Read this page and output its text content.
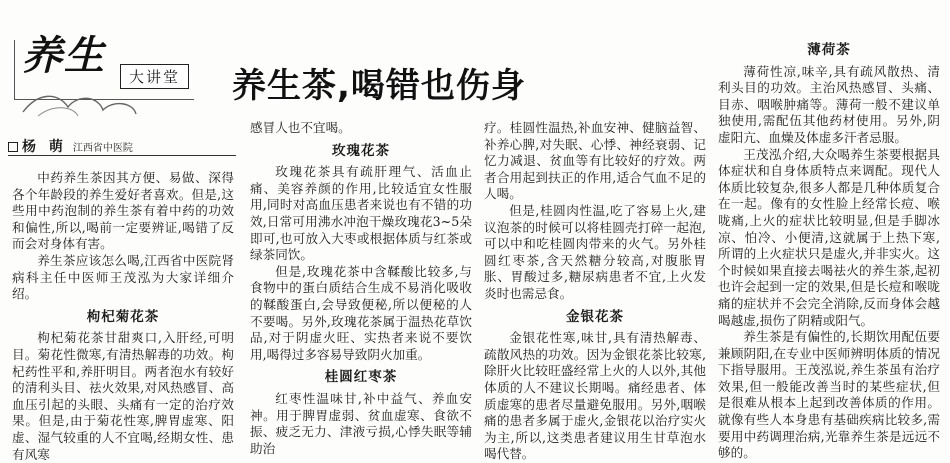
养生	大讲堂 养生茶,喝错也伤身
杨 萌 江西省中医院

中药养生茶因其方便、易做、深得各个年龄段的养生爱好者喜欢。但是,这些用中药泡制的养生茶有着中药的功效和偏性,所以,喝前一定要辨证,喝错了反而会对身体有害。

养生茶应该怎么喝,江西省中医院肾病科主任中医师王茂泓为大家详细介绍。

枸杞菊花茶

枸杞菊花茶甘甜爽口,入肝经,可明目。菊花性微寒,有清热解毒的功效。枸杞药性平和,养肝明目。两者泡水有较好的清利头目、祛火效果,对风热感冒、高血压引起的头眼、头痛有一定的治疗效果。但是,由于菊花性寒,脾胃虚寒、阳虚、湿气较重的人不宜喝,经期女性、患有风寒

感冒人也不宜喝。

玫瑰花茶

玫瑰花茶具有疏肝理气、活血止痛、美容养颜的作用,比较适宜女性服用,同时对高血压患者来说也有不错的功效,日常可用沸水冲泡干燥玫瑰花3~5朵即可,也可放入大枣或根据体质与红茶或绿茶同饮。

但是,玫瑰花茶中含鞣酸比较多,与食物中的蛋白质结合生成不易消化吸收的鞣酸蛋白,会导致便秘,所以便秘的人不要喝。另外,玫瑰花茶属于温热花草饮品,对于阴虚火旺、实热者来说不要饮用,喝得过多容易导致阴火加重。

桂圆红枣茶

红枣性温味甘,补中益气、养血安神。用于脾胃虚弱、贫血虚寒、食欲不振、疲乏无力、津液亏损,心悸失眠等辅助治

疗。桂圆性温热,补血安神、健脑益智、补养心脾,对失眠、心悸、神经衰弱、记忆力减退、贫血等有比较好的疗效。两者合用起到扶正的作用,适合气血不足的人喝。

但是,桂圆肉性温,吃了容易上火,建议泡茶的时候可以将桂圆壳打碎一起泡,可以中和吃桂圆肉带来的火气。另外桂圆红枣茶,含天然糖分较高,对腹胀胃胀、胃酸过多,糖尿病患者不宜,上火发炎时也需忌食。

金银花茶

金银花性寒,味甘,具有清热解毒、疏散风热的功效。因为金银花茶比较寒,除肝火比较旺盛经常上火的人以外,其他体质的人不建议长期喝。痛经患者、体质虚寒的患者尽量避免服用。另外,咽喉痛的患者多属于虚火,金银花以治疗实火为主,所以,这类患者建议用生甘草泡水喝代替。

薄荷茶

薄荷性凉,味辛,具有疏风散热、清利头目的功效。主治风热感冒、头痛、目赤、咽喉肿痛等。薄荷一般不建议单独使用,需配伍其他药材使用。另外,阴虚阳亢、血燥及体虚多汗者忌服。

王茂泓介绍,大众喝养生茶要根据具体症状和自身体质特点来调配。现代人体质比较复杂,很多人都是几种体质复合在一起。像有的女性脸上经常长痘、喉咙痛,上火的症状比较明显,但是手脚冰凉、怕冷、小便清,这就属于上热下寒,所谓的上火症状只是虚火,并非实火。这个时候如果直接去喝祛火的养生茶,起初也许会起到一定的效果,但是长痘和喉咙痛的症状并不会完全消除,反而身体会越喝越虚,损伤了阴精或阳气。

养生茶是有偏性的,长期饮用配伍要兼顾阴阳,在专业中医师辨明体质的情况下指导服用。王茂泓说,养生茶虽有治疗效果,但一般能改善当时的某些症状,但是很难从根本上起到改善体质的作用。就像有些人本身患有基础疾病比较多,需要用中药调理治病,光靠养生茶是远远不够的。
